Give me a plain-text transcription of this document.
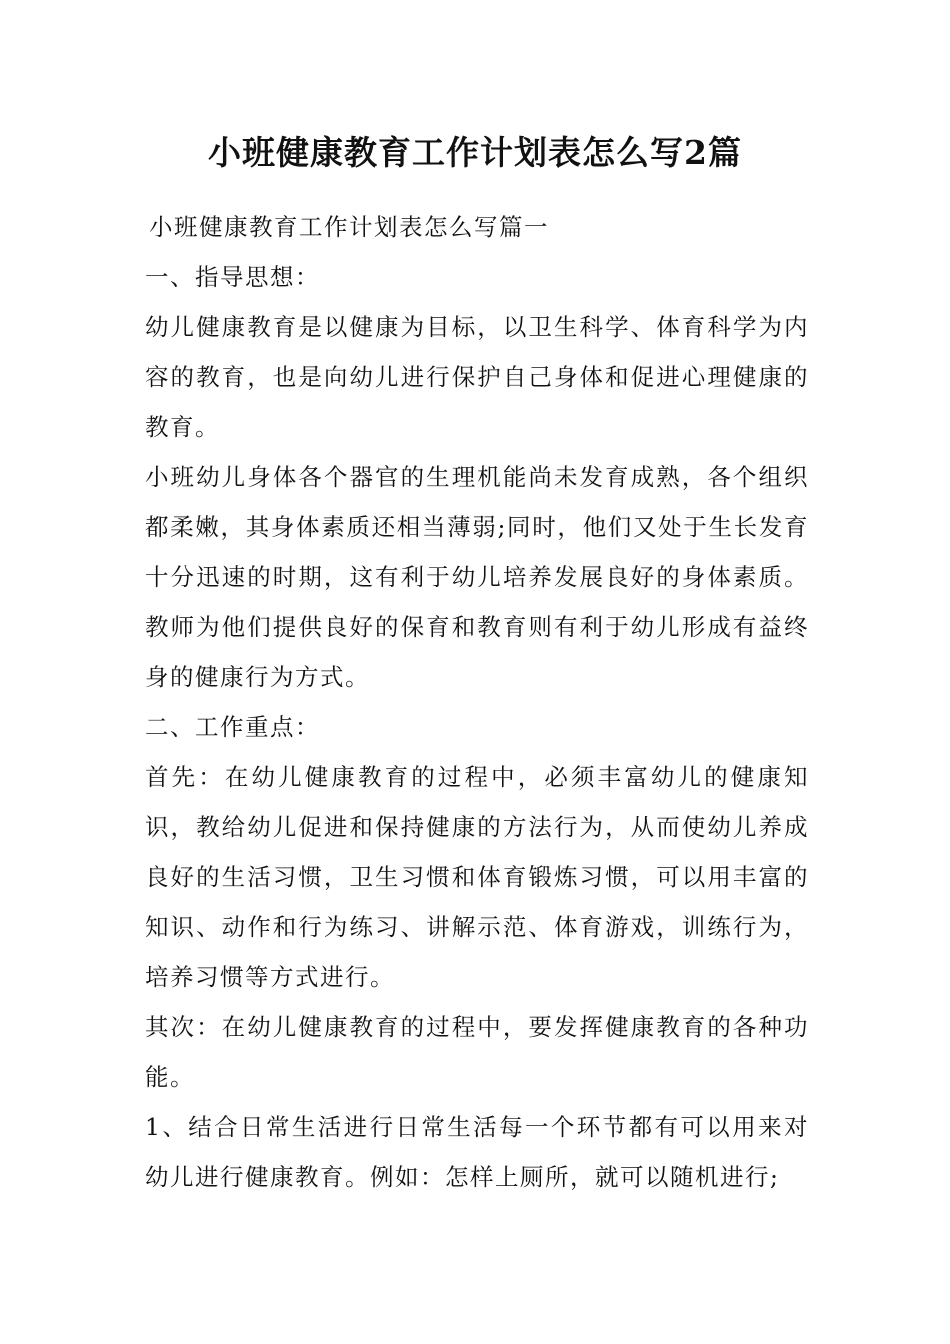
小班健康教育工作计划表怎么写2篇

小班健康教育工作计划表怎么写篇一

一、指导思想：

幼儿健康教育是以健康为目标，以卫生科学、体育科学为内容的教育，也是向幼儿进行保护自己身体和促进心理健康的教育。

小班幼儿身体各个器官的生理机能尚未发育成熟，各个组织都柔嫩，其身体素质还相当薄弱;同时，他们又处于生长发育十分迅速的时期，这有利于幼儿培养发展良好的身体素质。教师为他们提供良好的保育和教育则有利于幼儿形成有益终身的健康行为方式。

二、工作重点：

首先：在幼儿健康教育的过程中，必须丰富幼儿的健康知识，教给幼儿促进和保持健康的方法行为，从而使幼儿养成良好的生活习惯，卫生习惯和体育锻炼习惯，可以用丰富的知识、动作和行为练习、讲解示范、体育游戏，训练行为，培养习惯等方式进行。

其次：在幼儿健康教育的过程中，要发挥健康教育的各种功能。

1、结合日常生活进行日常生活每一个环节都有可以用来对幼儿进行健康教育。例如：怎样上厕所，就可以随机进行;
